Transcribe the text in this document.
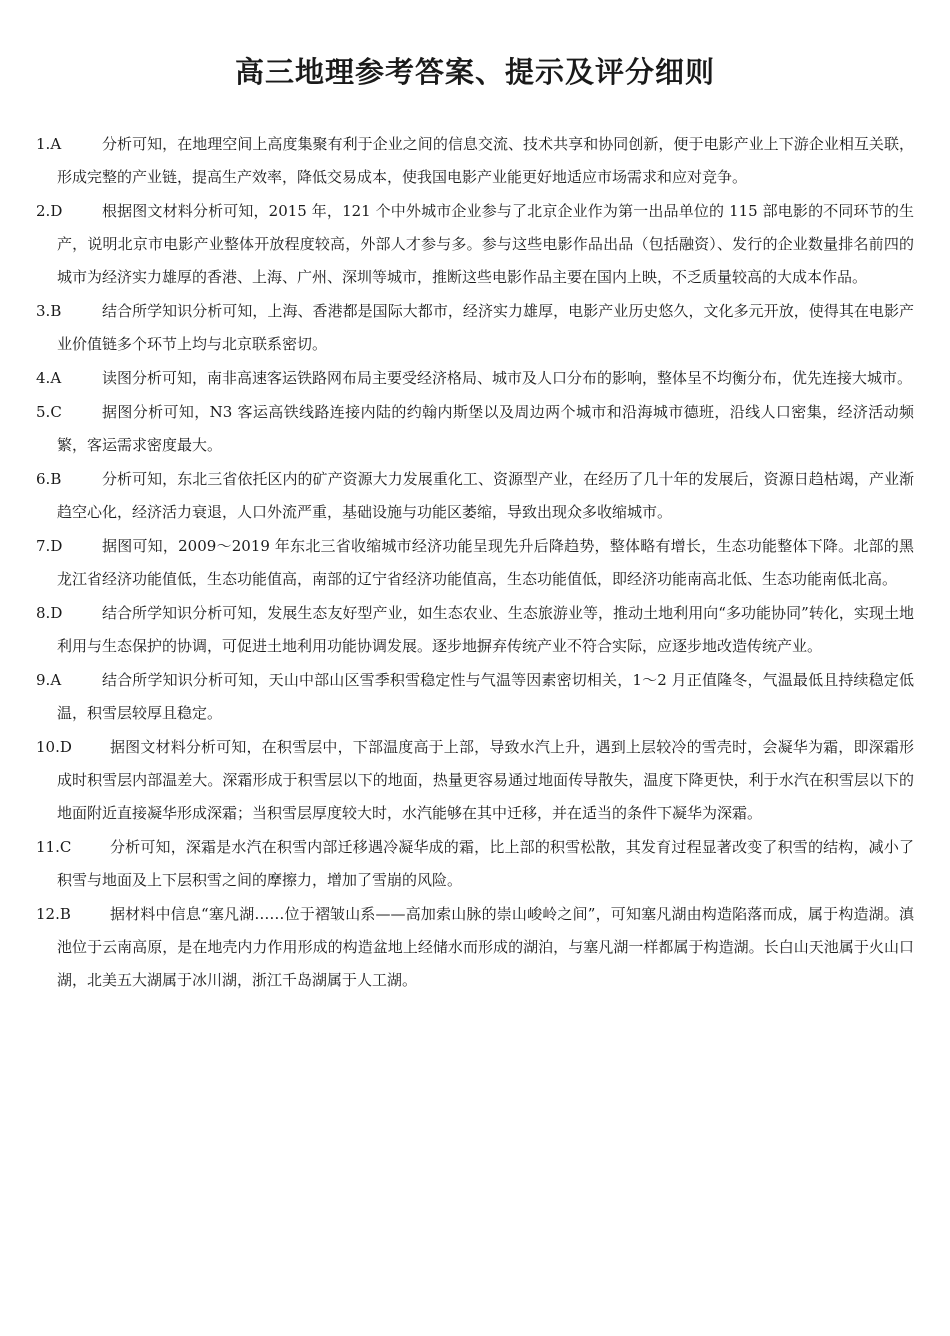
高三地理参考答案、提示及评分细则
1.A	分析可知，在地理空间上高度集聚有利于企业之间的信息交流、技术共享和协同创新，便于电影产业上下游企业相互关联，形成完整的产业链，提高生产效率，降低交易成本，使我国电影产业能更好地适应市场需求和应对竞争。
2.D	根据图文材料分析可知，2015 年，121 个中外城市企业参与了北京企业作为第一出品单位的 115 部电影的不同环节的生产，说明北京市电影产业整体开放程度较高，外部人才参与多。参与这些电影作品出品（包括融资）、发行的企业数量排名前四的城市为经济实力雄厚的香港、上海、广州、深圳等城市，推断这些电影作品主要在国内上映，不乏质量较高的大成本作品。
3.B	结合所学知识分析可知，上海、香港都是国际大都市，经济实力雄厚，电影产业历史悠久，文化多元开放，使得其在电影产业价值链多个环节上均与北京联系密切。
4.A	读图分析可知，南非高速客运铁路网布局主要受经济格局、城市及人口分布的影响，整体呈不均衡分布，优先连接大城市。
5.C	据图分析可知，N3 客运高铁线路连接内陆的约翰内斯堡以及周边两个城市和沿海城市德班，沿线人口密集，经济活动频繁，客运需求密度最大。
6.B	分析可知，东北三省依托区内的矿产资源大力发展重化工、资源型产业，在经历了几十年的发展后，资源日趋枯竭，产业渐趋空心化，经济活力衰退，人口外流严重，基础设施与功能区萎缩，导致出现众多收缩城市。
7.D	据图可知，2009～2019 年东北三省收缩城市经济功能呈现先升后降趋势，整体略有增长，生态功能整体下降。北部的黑龙江省经济功能值低，生态功能值高，南部的辽宁省经济功能值高，生态功能值低，即经济功能南高北低、生态功能南低北高。
8.D	结合所学知识分析可知，发展生态友好型产业，如生态农业、生态旅游业等，推动土地利用向“多功能协同”转化，实现土地利用与生态保护的协调，可促进土地利用功能协调发展。逐步地摒弃传统产业不符合实际，应逐步地改造传统产业。
9.A	结合所学知识分析可知，天山中部山区雪季积雪稳定性与气温等因素密切相关，1～2 月正值隆冬，气温最低且持续稳定低温，积雪层较厚且稳定。
10.D	据图文材料分析可知，在积雪层中，下部温度高于上部，导致水汽上升，遇到上层较冷的雪壳时，会凝华为霜，即深霜形成时积雪层内部温差大。深霜形成于积雪层以下的地面，热量更容易通过地面传导散失，温度下降更快，利于水汽在积雪层以下的地面附近直接凝华形成深霜；当积雪层厚度较大时，水汽能够在其中迁移，并在适当的条件下凝华为深霜。
11.C	分析可知，深霜是水汽在积雪内部迁移遇冷凝华成的霜，比上部的积雪松散，其发育过程显著改变了积雪的结构，减小了积雪与地面及上下层积雪之间的摩擦力，增加了雪崩的风险。
12.B	据材料中信息“塞凡湖……位于褶皱山系——高加索山脉的崇山峻岭之间”，可知塞凡湖由构造陷落而成，属于构造湖。滇池位于云南高原，是在地壳内力作用形成的构造盆地上经储水而形成的湖泊，与塞凡湖一样都属于构造湖。长白山天池属于火山口湖，北美五大湖属于冰川湖，浙江千岛湖属于人工湖。
